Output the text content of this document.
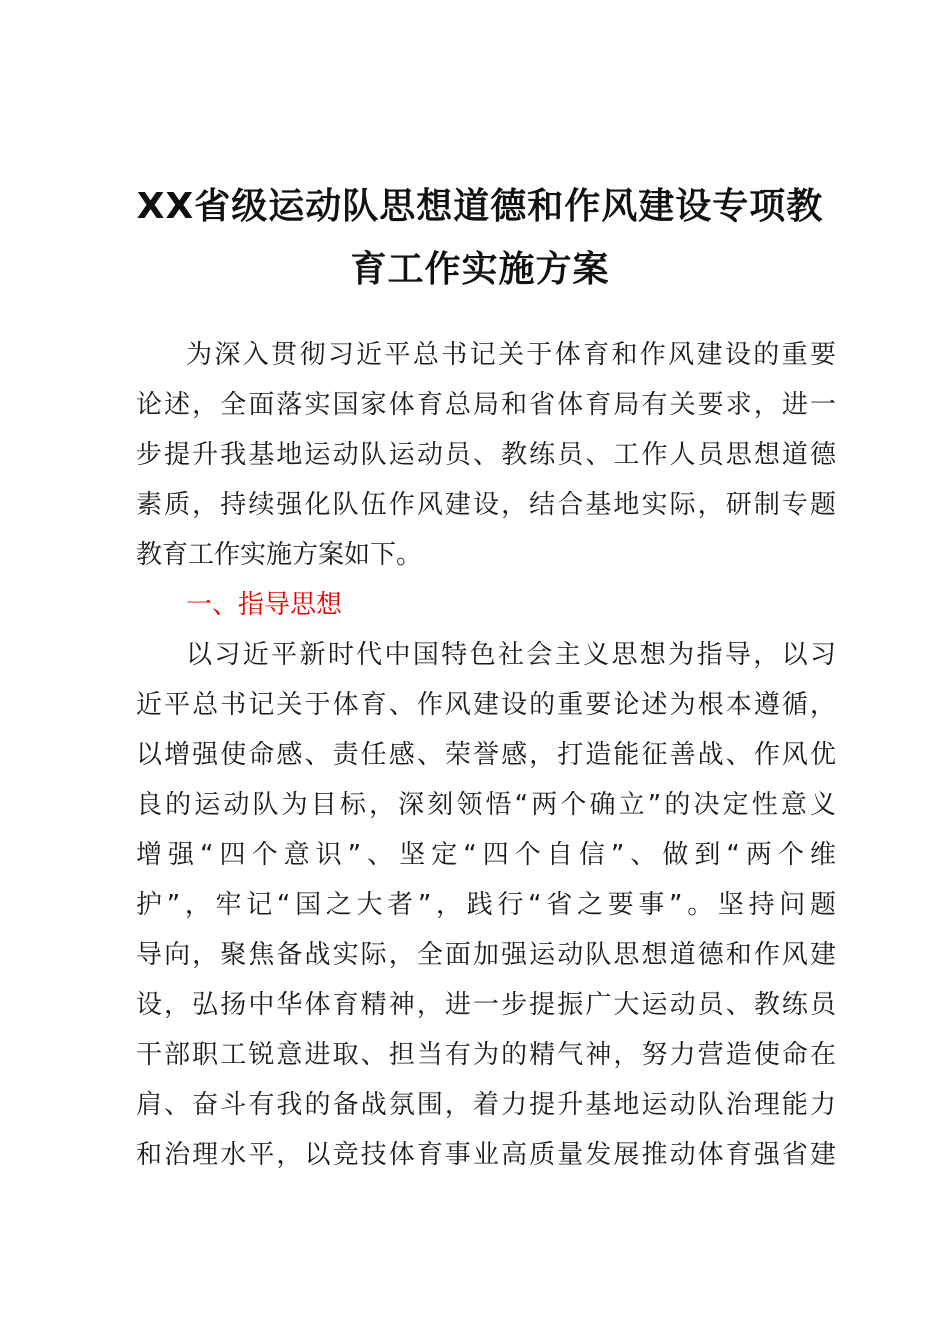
XX省级运动队思想道德和作风建设专项教
育工作实施方案
为深入贯彻习近平总书记关于体育和作风建设的重要
论述，全面落实国家体育总局和省体育局有关要求，进一
步提升我基地运动队运动员、教练员、工作人员思想道德
素质，持续强化队伍作风建设，结合基地实际，研制专题
教育工作实施方案如下。
一、指导思想
以习近平新时代中国特色社会主义思想为指导，以习
近平总书记关于体育、作风建设的重要论述为根本遵循，
以增强使命感、责任感、荣誉感，打造能征善战、作风优
良的运动队为目标，深刻领悟“两个确立”的决定性意义
增强“四个意识”、坚定“四个自信”、做到“两个维
护”，牢记“国之大者”，践行“省之要事”。坚持问题
导向，聚焦备战实际，全面加强运动队思想道德和作风建
设，弘扬中华体育精神，进一步提振广大运动员、教练员
干部职工锐意进取、担当有为的精气神，努力营造使命在
肩、奋斗有我的备战氛围，着力提升基地运动队治理能力
和治理水平，以竞技体育事业高质量发展推动体育强省建
